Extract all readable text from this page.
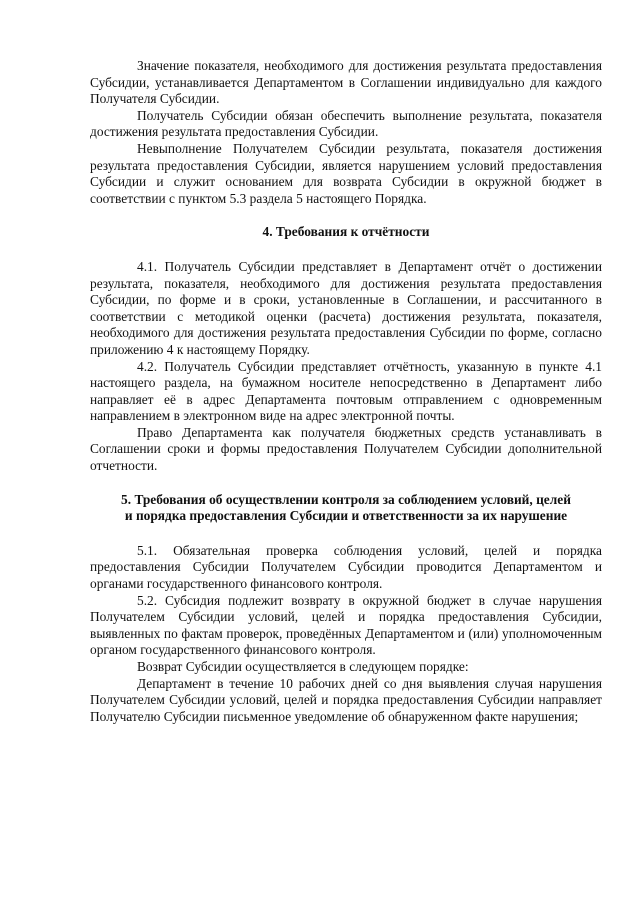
Значение показателя, необходимого для достижения результата предоставления Субсидии, устанавливается Департаментом в Соглашении индивидуально для каждого Получателя Субсидии.

Получатель Субсидии обязан обеспечить выполнение результата, показателя достижения результата предоставления Субсидии.

Невыполнение Получателем Субсидии результата, показателя достижения результата предоставления Субсидии, является нарушением условий предоставления Субсидии и служит основанием для возврата Субсидии в окружной бюджет в соответствии с пунктом 5.3 раздела 5 настоящего Порядка.

4. Требования к отчётности

4.1. Получатель Субсидии представляет в Департамент отчёт о достижении результата, показателя, необходимого для достижения результата предоставления Субсидии, по форме и в сроки, установленные в Соглашении, и рассчитанного в соответствии с методикой оценки (расчета) достижения результата, показателя, необходимого для достижения результата предоставления Субсидии по форме, согласно приложению 4 к настоящему Порядку.

4.2. Получатель Субсидии представляет отчётность, указанную в пункте 4.1 настоящего раздела, на бумажном носителе непосредственно в Департамент либо направляет её в адрес Департамента почтовым отправлением с одновременным направлением в электронном виде на адрес электронной почты.

Право Департамента как получателя бюджетных средств устанавливать в Соглашении сроки и формы предоставления Получателем Субсидии дополнительной отчетности.

5. Требования об осуществлении контроля за соблюдением условий, целей

и порядка предоставления Субсидии и ответственности за их нарушение

5.1. Обязательная проверка соблюдения условий, целей и порядка предоставления Субсидии Получателем Субсидии проводится Департаментом и органами государственного финансового контроля.

5.2. Субсидия подлежит возврату в окружной бюджет в случае нарушения Получателем Субсидии условий, целей и порядка предоставления Субсидии, выявленных по фактам проверок, проведённых Департаментом и (или) уполномоченным органом государственного финансового контроля.

Возврат Субсидии осуществляется в следующем порядке:

Департамент в течение 10 рабочих дней со дня выявления случая нарушения Получателем Субсидии условий, целей и порядка предоставления Субсидии направляет Получателю Субсидии письменное уведомление об обнаруженном факте нарушения;
